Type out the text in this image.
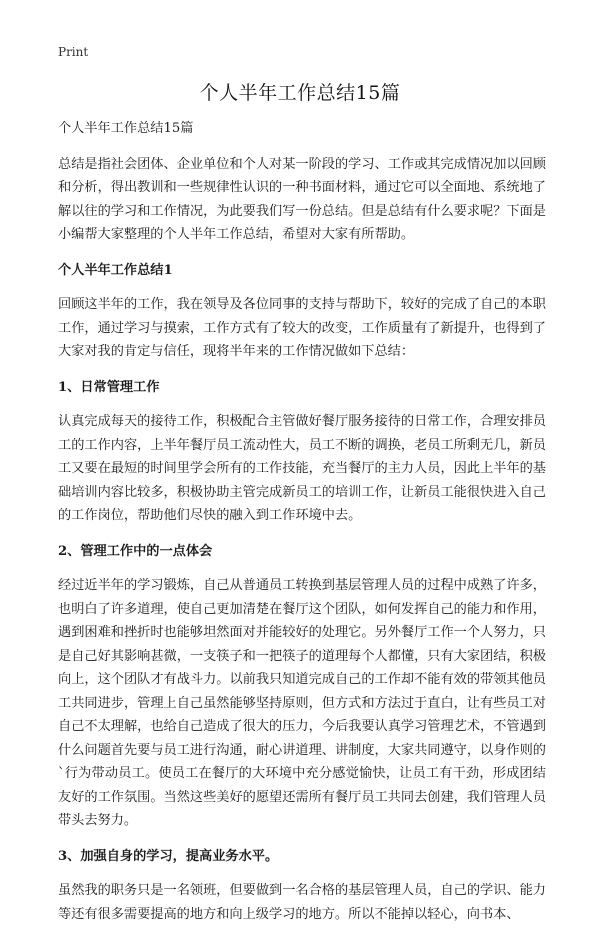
Print
个人半年工作总结15篇

个人半年工作总结15篇

总结是指社会团体、企业单位和个人对某一阶段的学习、工作或其完成情况加以回顾和分析，得出教训和一些规律性认识的一种书面材料，通过它可以全面地、系统地了解以往的学习和工作情况，为此要我们写一份总结。但是总结有什么要求呢？下面是小编帮大家整理的个人半年工作总结，希望对大家有所帮助。

个人半年工作总结1

回顾这半年的工作，我在领导及各位同事的支持与帮助下，较好的完成了自己的本职工作，通过学习与摸索，工作方式有了较大的改变，工作质量有了新提升，也得到了大家对我的肯定与信任，现将半年来的工作情况做如下总结：

1、日常管理工作

认真完成每天的接待工作，积极配合主管做好餐厅服务接待的日常工作，合理安排员工的工作内容，上半年餐厅员工流动性大，员工不断的调换，老员工所剩无几，新员工又要在最短的时间里学会所有的工作技能，充当餐厅的主力人员，因此上半年的基础培训内容比较多，积极协助主管完成新员工的培训工作，让新员工能很快进入自己的工作岗位，帮助他们尽快的融入到工作环境中去。

2、管理工作中的一点体会

经过近半年的学习锻炼，自己从普通员工转换到基层管理人员的过程中成熟了许多，也明白了许多道理，使自己更加清楚在餐厅这个团队，如何发挥自己的能力和作用，遇到困难和挫折时也能够坦然面对并能较好的处理它。另外餐厅工作一个人努力，只是自己好其影响甚微，一支筷子和一把筷子的道理每个人都懂，只有大家团结，积极向上，这个团队才有战斗力。以前我只知道完成自己的工作却不能有效的带领其他员工共同进步，管理上自己虽然能够坚持原则，但方式和方法过于直白，让有些员工对自己不太理解，也给自己造成了很大的压力，今后我要认真学习管理艺术，不管遇到什么问题首先要与员工进行沟通，耐心讲道理、讲制度，大家共同遵守，以身作则的`行为带动员工。使员工在餐厅的大环境中充分感觉愉快，让员工有干劲，形成团结友好的工作氛围。当然这些美好的愿望还需所有餐厅员工共同去创建，我们管理人员带头去努力。

3、加强自身的学习，提高业务水平。

虽然我的职务只是一名领班，但要做到一名合格的基层管理人员，自己的学识、能力等还有很多需要提高的地方和向上级学习的地方。所以不能掉以轻心，向书本、
